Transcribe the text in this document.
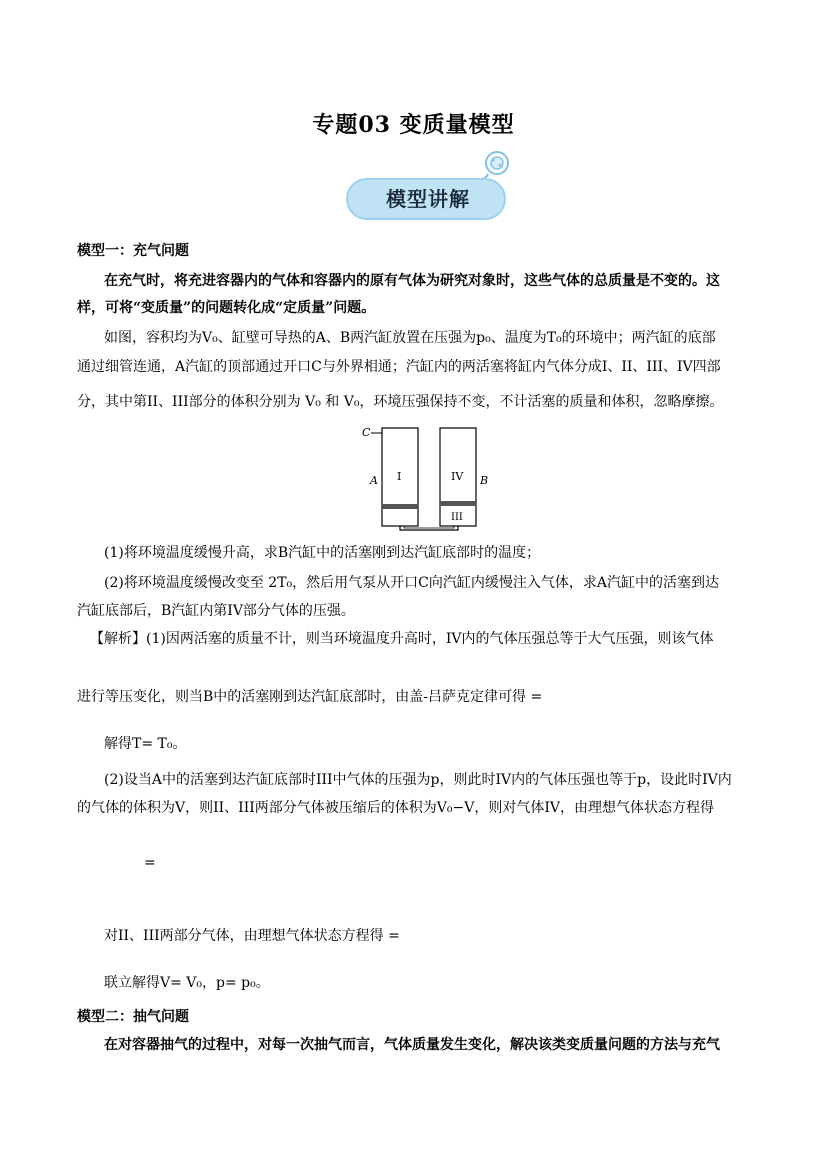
专题03 变质量模型
模型讲解
模型一：充气问题
在充气时，将充进容器内的气体和容器内的原有气体为研究对象时，这些气体的总质量是不变的。这
样，可将“变质量”的问题转化成“定质量”问题。
如图，容积均为V₀、缸壁可导热的A、B两汽缸放置在压强为p₀、温度为T₀的环境中；两汽缸的底部
通过细管连通，A汽缸的顶部通过开口C与外界相通；汽缸内的两活塞将缸内气体分成I、II、III、IV四部
分，其中第II、III部分的体积分别为 V₀ 和 V₀，环境压强保持不变，不计活塞的质量和体积，忽略摩擦。
C
A I	B
IV
III
(1)将环境温度缓慢升高，求B汽缸中的活塞刚到达汽缸底部时的温度；
(2)将环境温度缓慢改变至 2T₀，然后用气泵从开口C向汽缸内缓慢注入气体，求A汽缸中的活塞到达
汽缸底部后，B汽缸内第IV部分气体的压强。
【解析】(1)因两活塞的质量不计，则当环境温度升高时，IV内的气体压强总等于大气压强，则该气体
进行等压变化，则当B中的活塞刚到达汽缸底部时，由盖-吕萨克定律可得 =
解得T= T₀。
(2)设当A中的活塞到达汽缸底部时III中气体的压强为p，则此时IV内的气体压强也等于p，设此时IV内
的气体的体积为V，则II、III两部分气体被压缩后的体积为V₀−V，则对气体IV，由理想气体状态方程得
=
对II、III两部分气体，由理想气体状态方程得 =
联立解得V= V₀，p= p₀。
模型二：抽气问题
在对容器抽气的过程中，对每一次抽气而言，气体质量发生变化，解决该类变质量问题的方法与充气
